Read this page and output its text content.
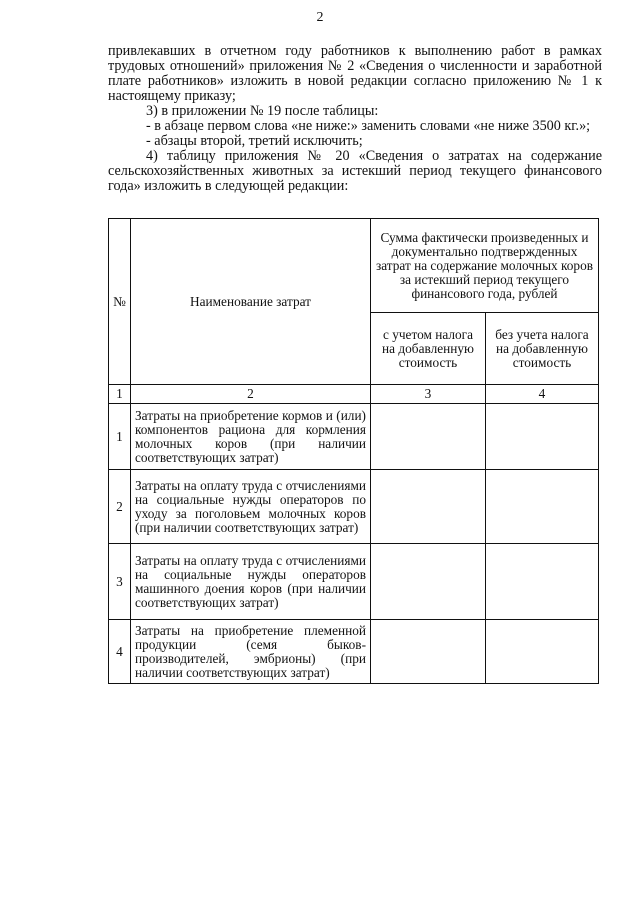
2

привлекавших в отчетном году работников к выполнению работ в рамках трудовых отношений» приложения № 2 «Сведения о численности и заработной плате работников» изложить в новой редакции согласно приложению № 1 к настоящему приказу;

3) в приложении № 19 после таблицы:

- в абзаце первом слова «не ниже:» заменить словами «не ниже 3500 кг.»;

- абзацы второй, третий исключить;

4) таблицу приложения № 20 «Сведения о затратах на содержание сельскохозяйственных животных за истекший период текущего финансового года» изложить в следующей редакции:

№	Наименование затрат	Сумма фактически произведенных и документально подтвержденных затрат на содержание молочных коров за истекший период текущего финансового года, рублей	
		с учетом налога на добавленную стоимость	без учета налога на добавленную стоимость
1	2	3	4
1	Затраты на приобретение кормов и (или) компонентов рациона для кормления молочных коров (при наличии соответствующих затрат)		
2	Затраты на оплату труда с отчислениями на социальные нужды операторов по уходу за поголовьем молочных коров (при наличии соответствующих затрат)		
3	Затраты на оплату труда с отчислениями на социальные нужды операторов машинного доения коров (при наличии соответствующих затрат)		
4	Затраты на приобретение племенной продукции (семя быков-производителей, эмбрионы) (при наличии соответствующих затрат)		
